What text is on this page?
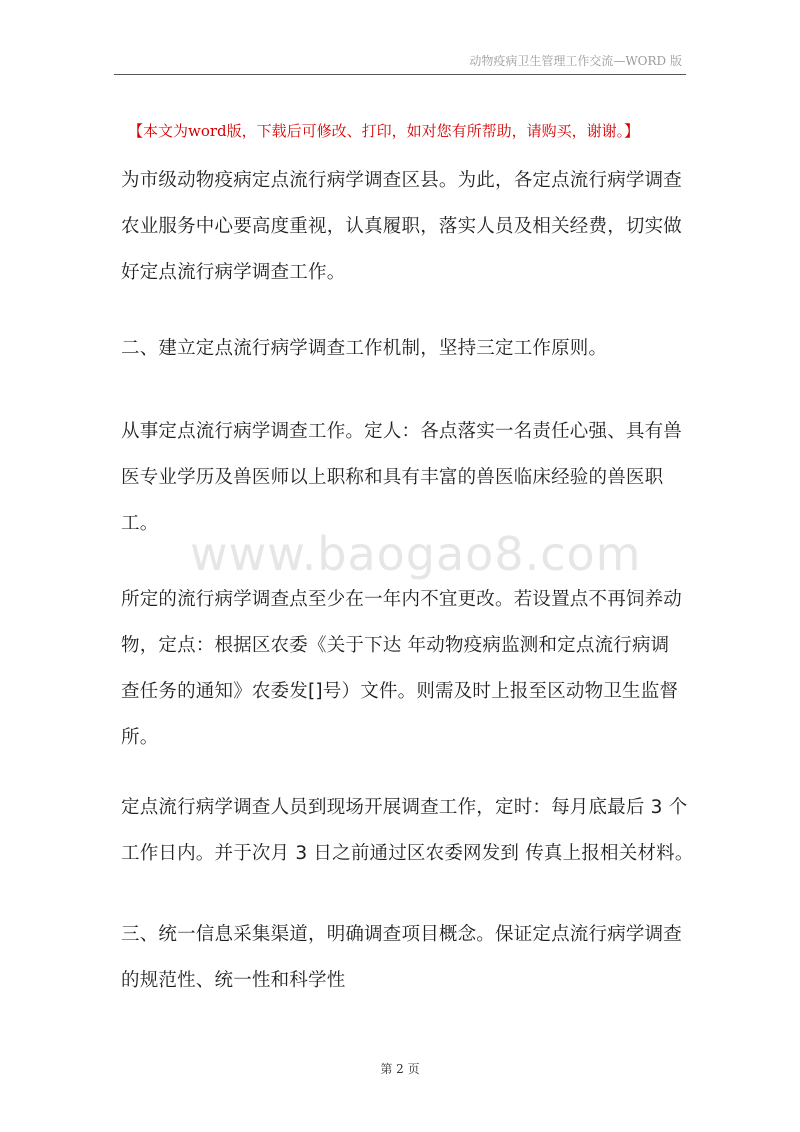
动物疫病卫生管理工作交流—WORD 版
【本文为word版，下载后可修改、打印，如对您有所帮助，请购买，谢谢。】
www.baogao8.com
为市级动物疫病定点流行病学调查区县。为此，各定点流行病学调查
农业服务中心要高度重视，认真履职，落实人员及相关经费，切实做
好定点流行病学调查工作。
二、建立定点流行病学调查工作机制，坚持三定工作原则。
从事定点流行病学调查工作。定人：各点落实一名责任心强、具有兽
医专业学历及兽医师以上职称和具有丰富的兽医临床经验的兽医职
工。
所定的流行病学调查点至少在一年内不宜更改。若设置点不再饲养动
物，定点：根据区农委《关于下达 年动物疫病监测和定点流行病调
查任务的通知》农委发[]号）文件。则需及时上报至区动物卫生监督
所。
定点流行病学调查人员到现场开展调查工作，定时：每月底最后 3 个
工作日内。并于次月 3 日之前通过区农委网发到 传真上报相关材料。
三、统一信息采集渠道，明确调查项目概念。保证定点流行病学调查
的规范性、统一性和科学性
第 2 页
